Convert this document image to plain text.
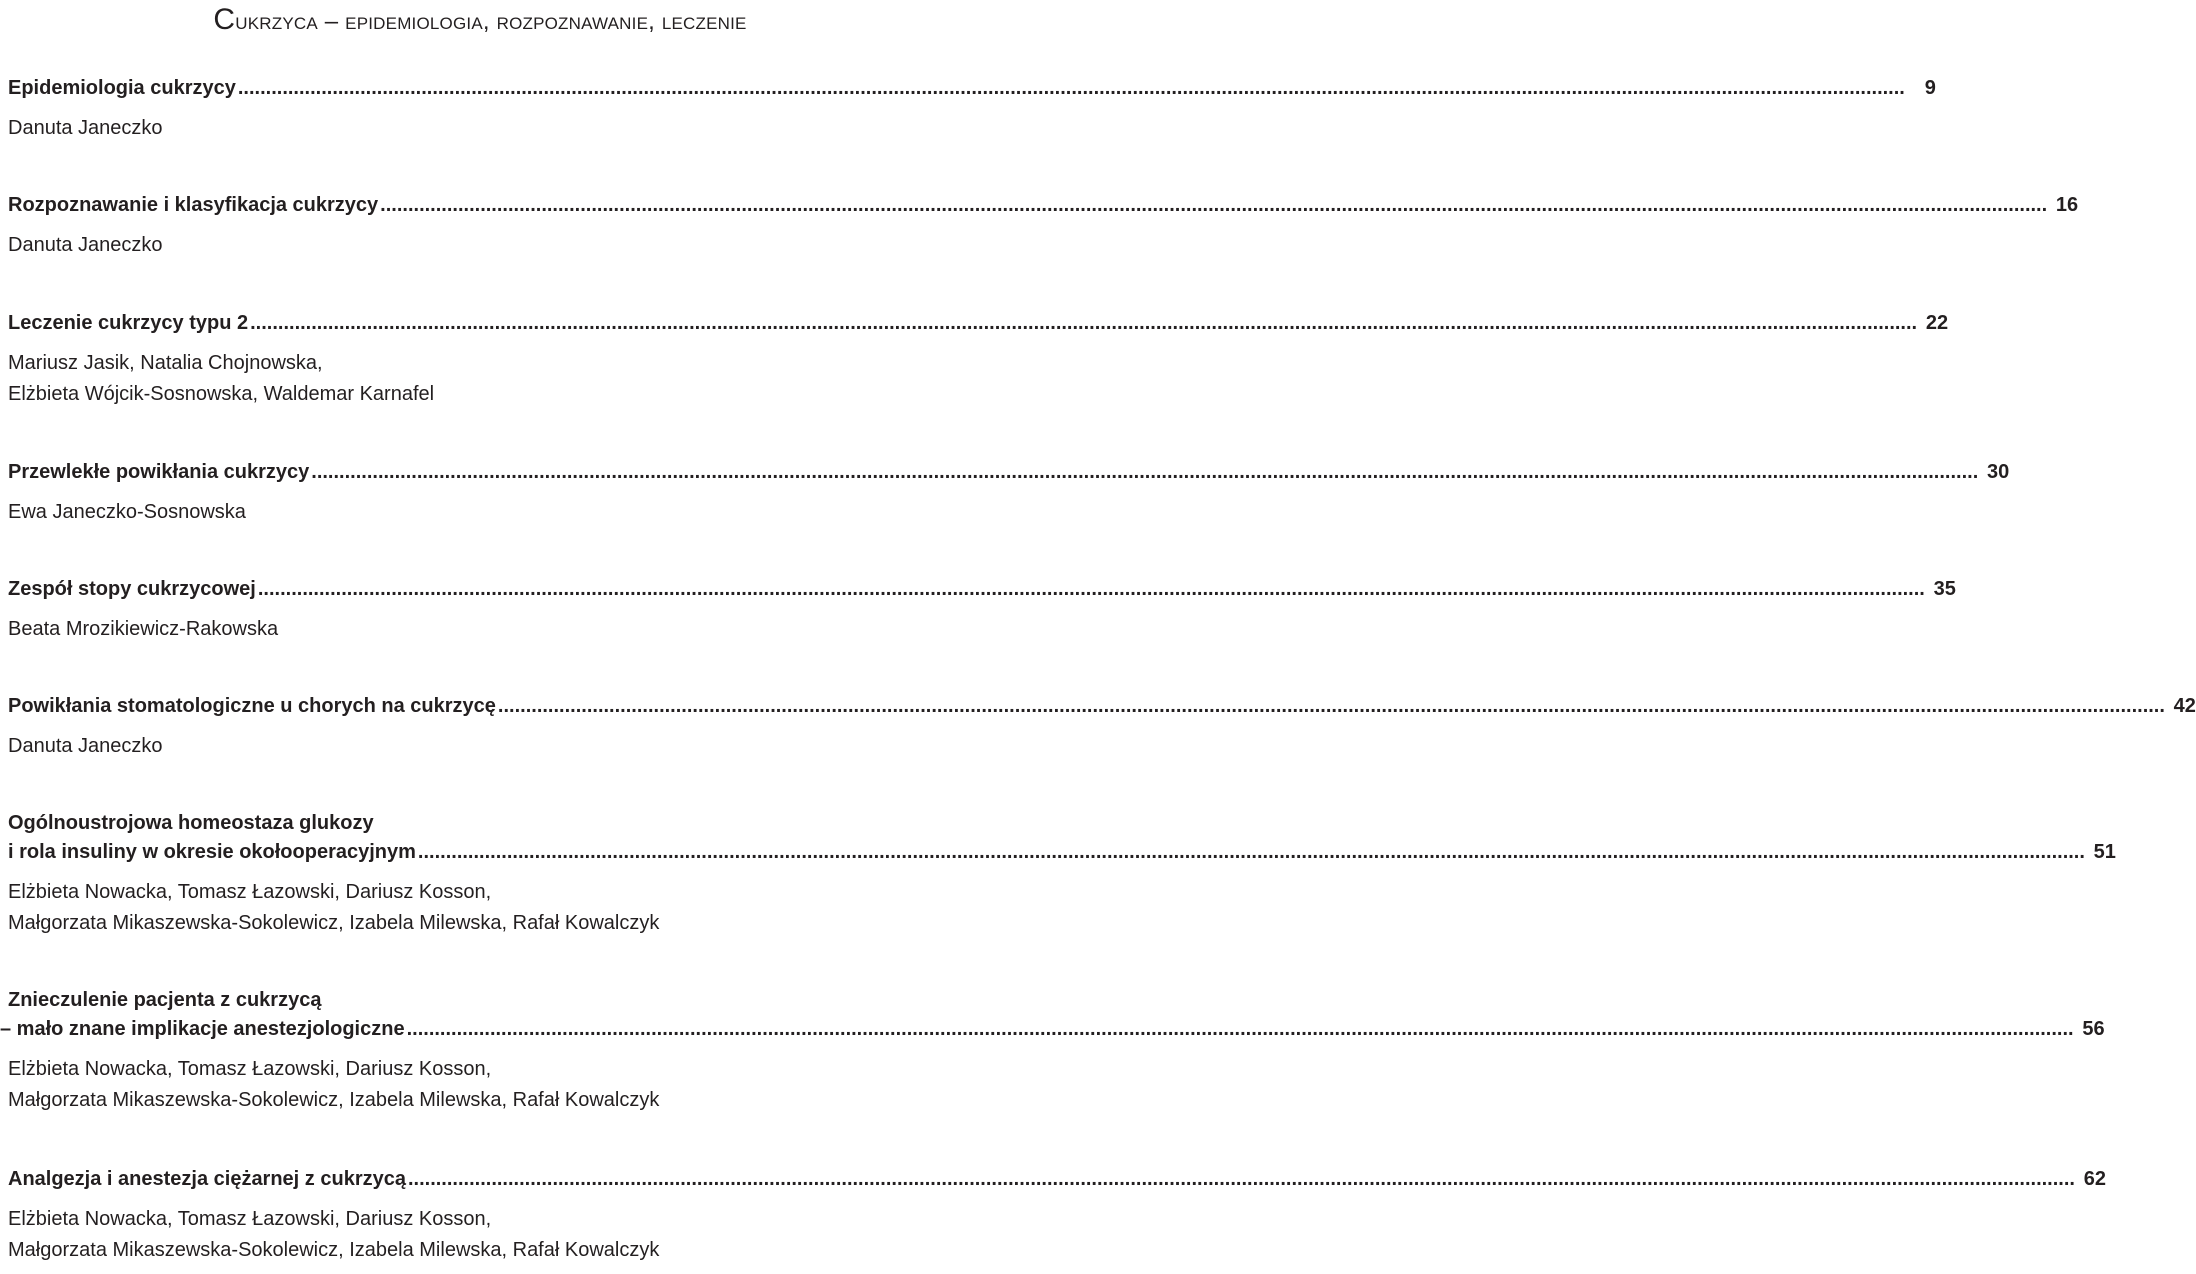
Cukrzyca – epidemiologia, rozpoznawanie, leczenie
Epidemiologia cukrzycy ............................................................................................................................................................................................................................................................................................................ 9
Danuta Janeczko
Rozpoznawanie i klasyfikacja cukrzycy ............................................................................................................................................................................................................................................................................................................ 16
Danuta Janeczko
Leczenie cukrzycy typu 2 ............................................................................................................................................................................................................................................................................................................ 22
Mariusz Jasik, Natalia Chojnowska,
Elżbieta Wójcik-Sosnowska, Waldemar Karnafel
Przewlekłe powikłania cukrzycy ............................................................................................................................................................................................................................................................................................................ 30
Ewa Janeczko-Sosnowska
Zespół stopy cukrzycowej ............................................................................................................................................................................................................................................................................................................ 35
Beata Mrozikiewicz-Rakowska
Powikłania stomatologiczne u chorych na cukrzycę ............................................................................................................................................................................................................................................................................................................ 42
Danuta Janeczko
Ogólnoustrojowa homeostaza glukozy
i rola insuliny w okresie okołooperacyjnym ............................................................................................................................................................................................................................................................................................................ 51
Elżbieta Nowacka, Tomasz Łazowski, Dariusz Kosson,
Małgorzata Mikaszewska-Sokolewicz, Izabela Milewska, Rafał Kowalczyk
Znieczulenie pacjenta z cukrzycą
– mało znane implikacje anestezjologiczne ............................................................................................................................................................................................................................................................................................................ 56
Elżbieta Nowacka, Tomasz Łazowski, Dariusz Kosson,
Małgorzata Mikaszewska-Sokolewicz, Izabela Milewska, Rafał Kowalczyk
Analgezja i anestezja ciężarnej z cukrzycą ............................................................................................................................................................................................................................................................................................................ 62
Elżbieta Nowacka, Tomasz Łazowski, Dariusz Kosson,
Małgorzata Mikaszewska-Sokolewicz, Izabela Milewska, Rafał Kowalczyk
